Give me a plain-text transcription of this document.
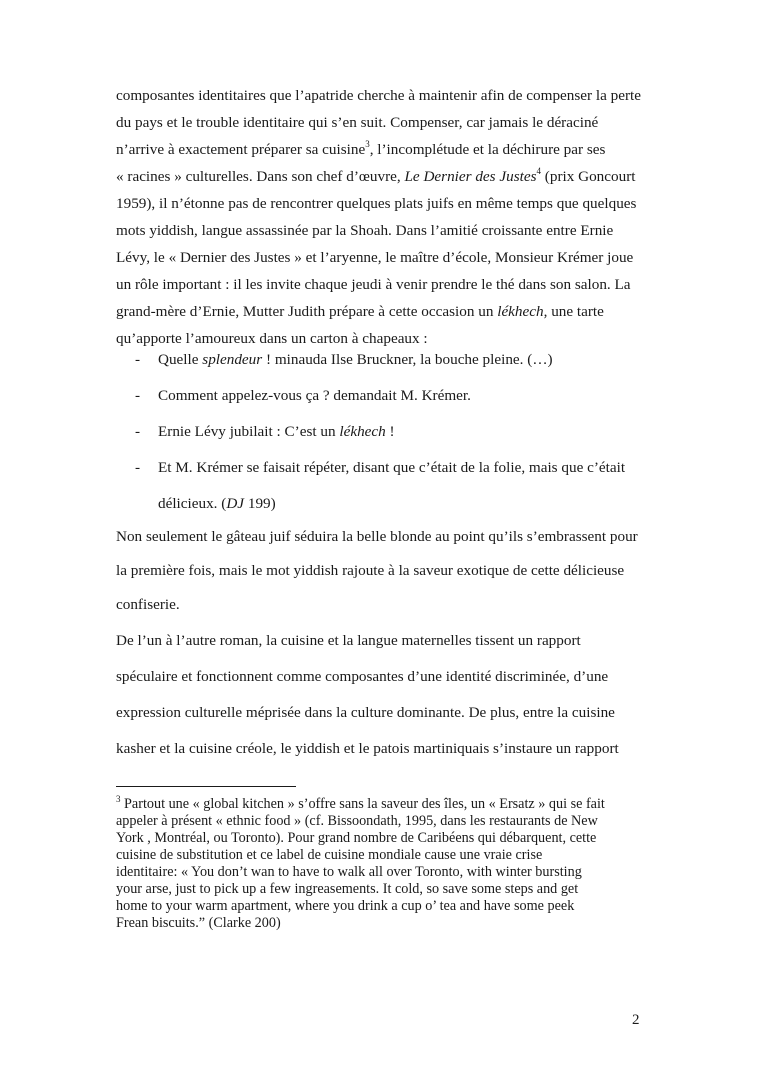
composantes identitaires que l’apatride cherche à maintenir afin de compenser la perte
du pays et le trouble identitaire qui s’en suit. Compenser, car jamais le déraciné
n’arrive à exactement préparer sa cuisine$^3$, l’incomplétude et la déchirure par ses
« racines » culturelles. Dans son chef d’œuvre, Le Dernier des Justes$^4$ (prix Goncourt
1959), il n’étonne pas de rencontrer quelques plats juifs en même temps que quelques
mots yiddish, langue assassinée par la Shoah. Dans l’amitié croissante entre Ernie
Lévy, le « Dernier des Justes » et l’aryenne, le maître d’école, Monsieur Krémer joue
un rôle important : il les invite chaque jeudi à venir prendre le thé dans son salon. La
grand-mère d’Ernie, Mutter Judith prépare à cette occasion un lékhech, une tarte
qu’apporte l’amoureux dans un carton à chapeaux :
- Quelle splendeur ! minauda Ilse Bruckner, la bouche pleine. (…)
- Comment appelez-vous ça ? demandait M. Krémer.
- Ernie Lévy jubilait : C’est un lékhech !
- Et M. Krémer se faisait répéter, disant que c’était de la folie, mais que c’était
délicieux. (DJ 199)
Non seulement le gâteau juif séduira la belle blonde au point qu’ils s’embrassent pour
la première fois, mais le mot yiddish rajoute à la saveur exotique de cette délicieuse
confiserie.
De l’un à l’autre roman, la cuisine et la langue maternelles tissent un rapport
spéculaire et fonctionnent comme composantes d’une identité discriminée, d’une
expression culturelle méprisée dans la culture dominante. De plus, entre la cuisine
kasher et la cuisine créole, le yiddish et le patois martiniquais s’instaure un rapport
$^3$ Partout une « global kitchen » s’offre sans la saveur des îles, un « Ersatz » qui se fait
appeler à présent « ethnic food » (cf. Bissoondath, 1995, dans les restaurants de New
York , Montréal, ou Toronto). Pour grand nombre de Caribéens qui débarquent, cette
cuisine de substitution et ce label de cuisine mondiale cause une vraie crise
identitaire: « You don’t wan to have to walk all over Toronto, with winter bursting
your arse, just to pick up a few ingreasements. It cold, so save some steps and get
home to your warm apartment, where you drink a cup o’ tea and have some peek
Frean biscuits.” (Clarke 200)
2
